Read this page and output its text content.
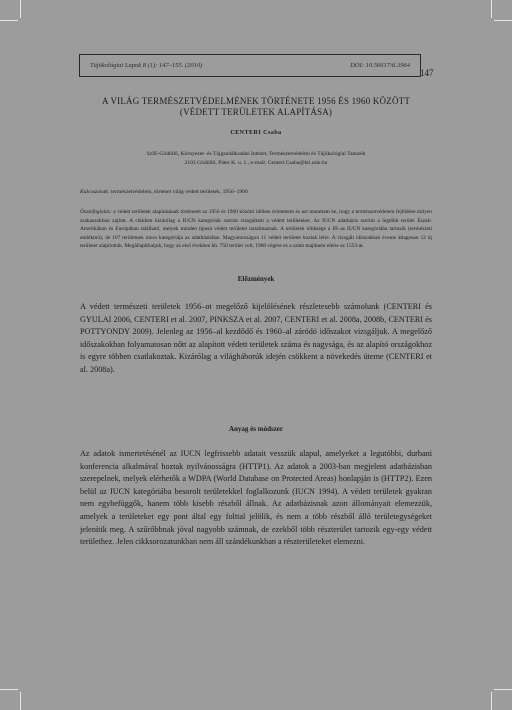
Tájökológiai Lapok 8 (1): 147–155. (2010)	DOI: 10.56617/tl.3964
147
A VILÁG TERMÉSZETVÉDELMÉNEK TÖRTÉNETE 1956 ÉS 1960 KÖZÖTT
(VÉDETT TERÜLETEK ALAPÍTÁSA)
CENTERI Csaba
SzIE-Gödöllő, Környezet- és Tájgazdálkodási Intézet, Természetvédelmi és Tájökológiai Tanszék
2103 Gödöllő, Páter K. u. 1., e-mail: Centeri.Csaba@kti.szie.hu
Kulcsszavak: természetvédelem, történet világ védett területek, 1956–1960
Összefoglalás: a védett területek alapításának történetét az 1956 és 1960 közötti időben érintettem és azt mutattam be, hogy a természetvédelem fejlődése milyen szakaszokban zajlott. A cikkben kizárólag a IUCN kategóriák szerint vizsgáltam a védett területeket. Az IUCN adatbázis szerint a legtöbb terület Észak-Amerikában és Európában található, melyek minden típusú védett területet tartalmaznak. A területek többsége a III–as IUCN kategóriába tartozik (természeti emlékmű), de 107 területnek nincs kategóriája az adatbázisban. Magyarországon 11 védett területet hoztak létre. A vizsgált időszakban évente átlagosan 12 új területet alapítottak. Megállapíthatjuk, hogy az első években kb. 750 terület volt, 1960 végére ez a szám majdnem elérte az 1553-at.
Előzmények
A védett természeti területek 1956–ot megelőző kijelölésének részletesebb számolunk (CENTERI és GYULAI 2006, CENTERI et al. 2007, PINKSZA et al. 2007, CENTERI et al. 2008a, 2008b, CENTERI és POTTYONDY 2009). Jelenleg az 1956–al kezdődő és 1960–al záródó időszakot vizsgáljuk. A megelőző időszakokban folyamatosan nőtt az alapított védett területek száma és nagysága, és az alapító országokhoz is egyre többen csatlakoztak. Kizárólag a világháborúk idején csökkent a növekedés üteme (CENTERI et al. 2008a).
Anyag és módszer
Az adatok ismertetésénél az IUCN legfrissebb adatait vesszük alapul, amelyeket a legutóbbi, durbani konferencia alkalmával hoztak nyilvánosságra (HTTP1). Az adatok a 2003-ban megjelent adatbázisban szerepelnek, melyek elérhetők a WDPA (World Database on Protected Areas) honlapján is (HTTP2). Ezen belül az IUCN kategóriába besorolt területekkel foglalkozunk (IUCN 1994). A védett területek gyakran nem egybefüggők, hanem több kisebb részből állnak. Az adatbázisnak azon állományait elemezzük, amelyek a területeket egy pont által egy folttal jelölik, és nem a több részből álló területegységeket jelenítik meg. A szűrőbbnak jóval nagyobb számnak, de ezekből több részterület tartozik egy-egy védett területhez. Jelen cikksorozatunkban nem áll szándékunkban a részterületeket elemezni.
